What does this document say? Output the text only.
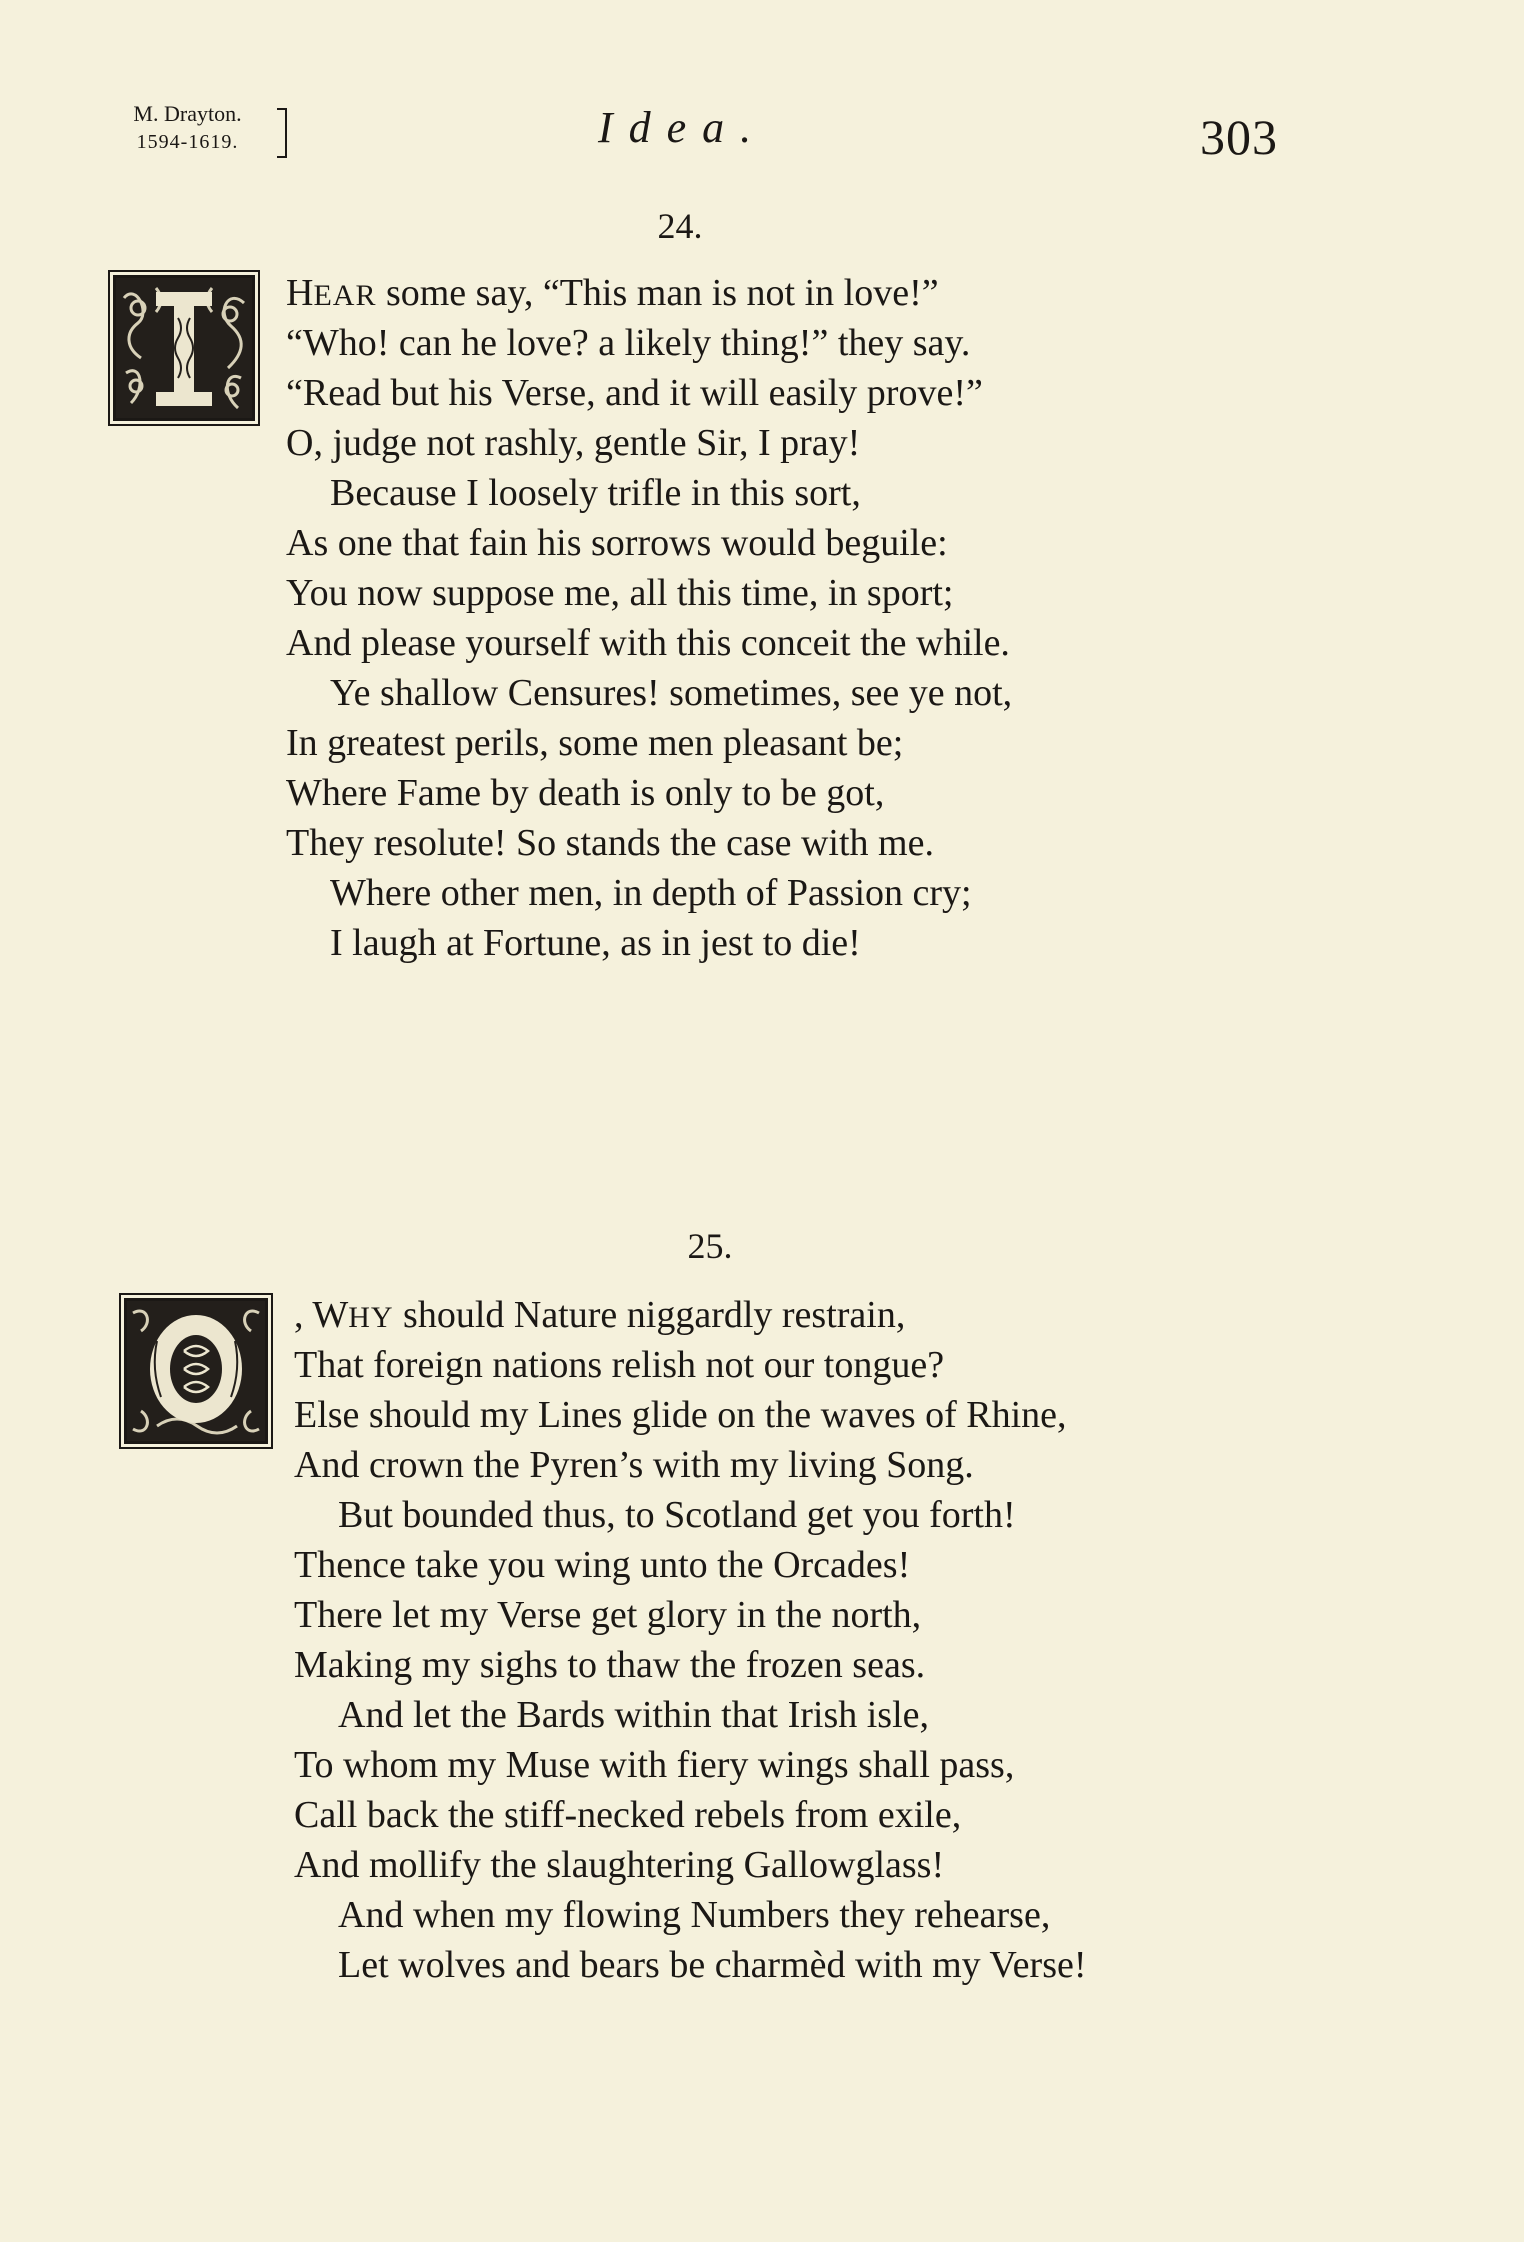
M. Drayton.
1594-1619.	Idea.	303
24.
HEAR some say, “This man is not in love!”
“Who! can he love? a likely thing!” they say.
“Read but his Verse, and it will easily prove!”
O, judge not rashly, gentle Sir, I pray!
Because I loosely trifle in this sort,
As one that fain his sorrows would beguile:
You now suppose me, all this time, in sport;
And please yourself with this conceit the while.
Ye shallow Censures! sometimes, see ye not,
In greatest perils, some men pleasant be;
Where Fame by death is only to be got,
They resolute! So stands the case with me.
Where other men, in depth of Passion cry;
I laugh at Fortune, as in jest to die!
25.
, WHY should Nature niggardly restrain,
That foreign nations relish not our tongue?
Else should my Lines glide on the waves of Rhine,
And crown the Pyren’s with my living Song.
But bounded thus, to Scotland get you forth!
Thence take you wing unto the Orcades!
There let my Verse get glory in the north,
Making my sighs to thaw the frozen seas.
And let the Bards within that Irish isle,
To whom my Muse with fiery wings shall pass,
Call back the stiff-necked rebels from exile,
And mollify the slaughtering Gallowglass!
And when my flowing Numbers they rehearse,
Let wolves and bears be charmèd with my Verse!
